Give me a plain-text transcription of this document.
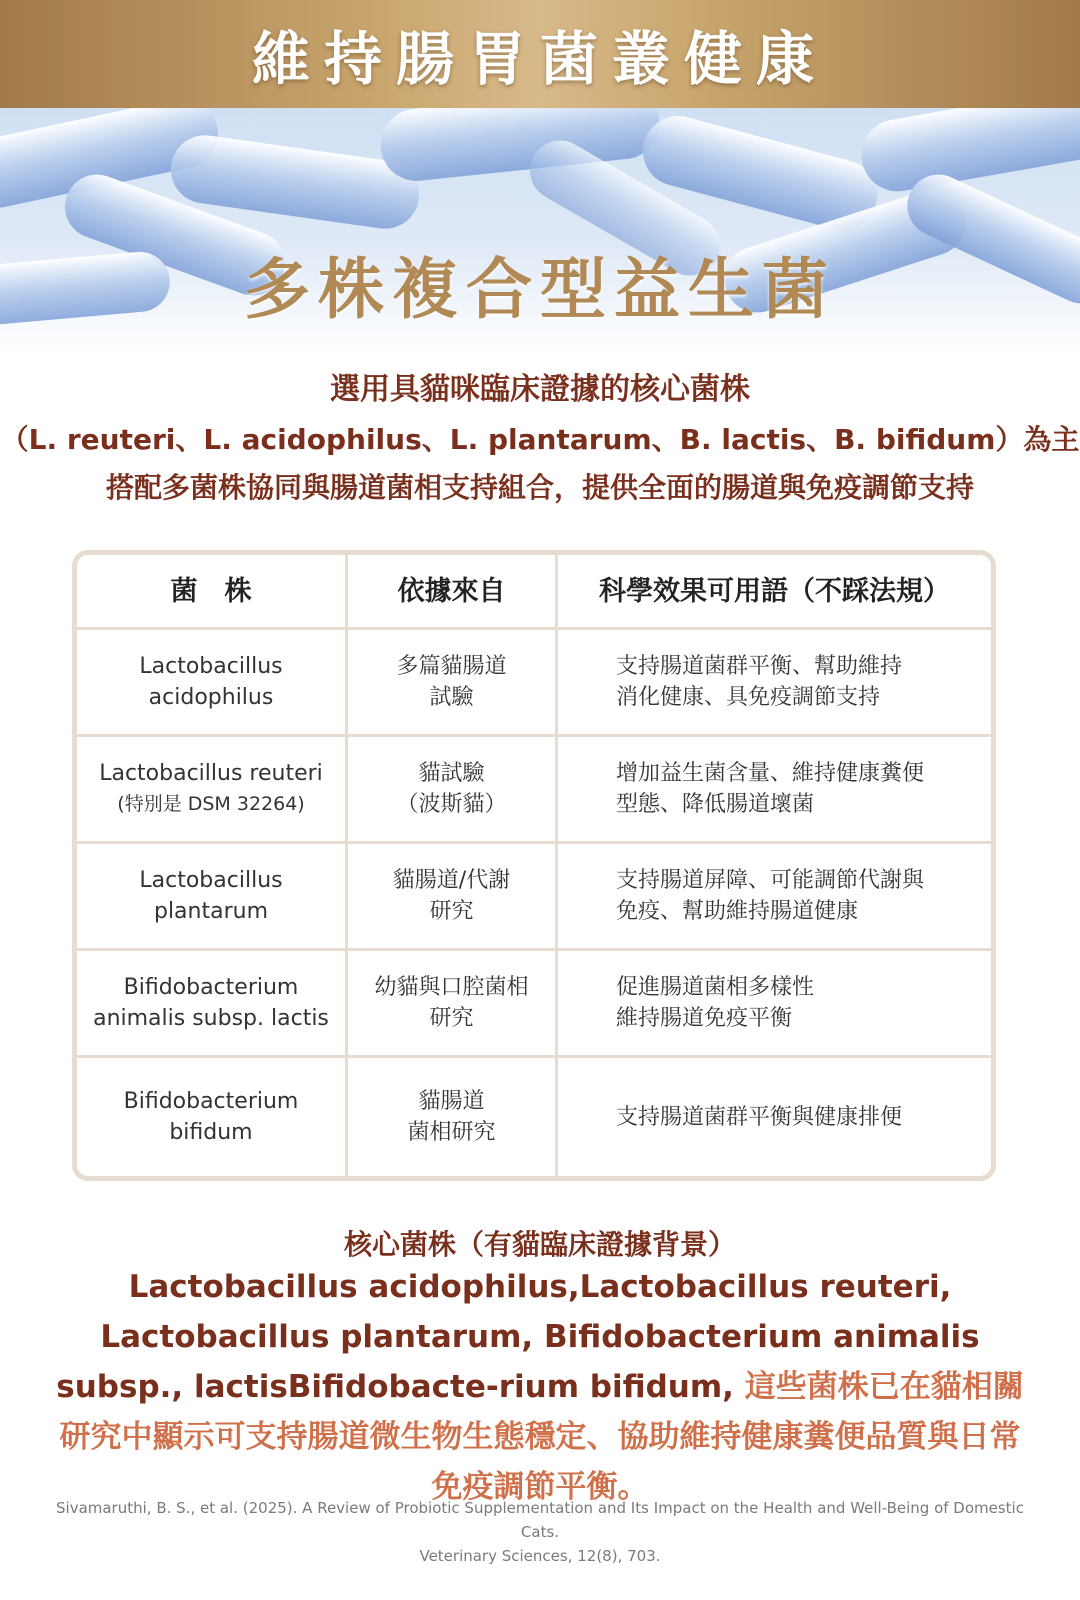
維持腸胃菌叢健康
多株複合型益生菌
選用具貓咪臨床證據的核心菌株
（L. reuteri、L. acidophilus、L. plantarum、B. lactis、B. bifidum）為主
搭配多菌株協同與腸道菌相支持組合，提供全面的腸道與免疫調節支持
菌　株	依據來自	科學效果可用語（不踩法規）
Lactobacillus
acidophilus
多篇貓腸道
試驗
支持腸道菌群平衡、幫助維持
消化健康、具免疫調節支持
Lactobacillus reuteri
(特別是 DSM 32264)
貓試驗
（波斯貓）
增加益生菌含量、維持健康糞便
型態、降低腸道壞菌
Lactobacillus
plantarum
貓腸道/代謝
研究
支持腸道屏障、可能調節代謝與
免疫、幫助維持腸道健康
Bifidobacterium
animalis subsp. lactis
幼貓與口腔菌相
研究
促進腸道菌相多樣性
維持腸道免疫平衡
Bifidobacterium
bifidum
貓腸道
菌相研究
支持腸道菌群平衡與健康排便
核心菌株（有貓臨床證據背景）
Lactobacillus acidophilus,Lactobacillus reuteri, Lactobacillus plantarum, Bifidobacterium animalis subsp., lactisBifidobacte-rium bifidum, 這些菌株已在貓相關研究中顯示可支持腸道微生物生態穩定、協助維持健康糞便品質與日常免疫調節平衡。
Sivamaruthi, B. S., et al. (2025). A Review of Probiotic Supplementation and Its Impact on the Health and Well-Being of Domestic Cats.
Veterinary Sciences, 12(8), 703.
